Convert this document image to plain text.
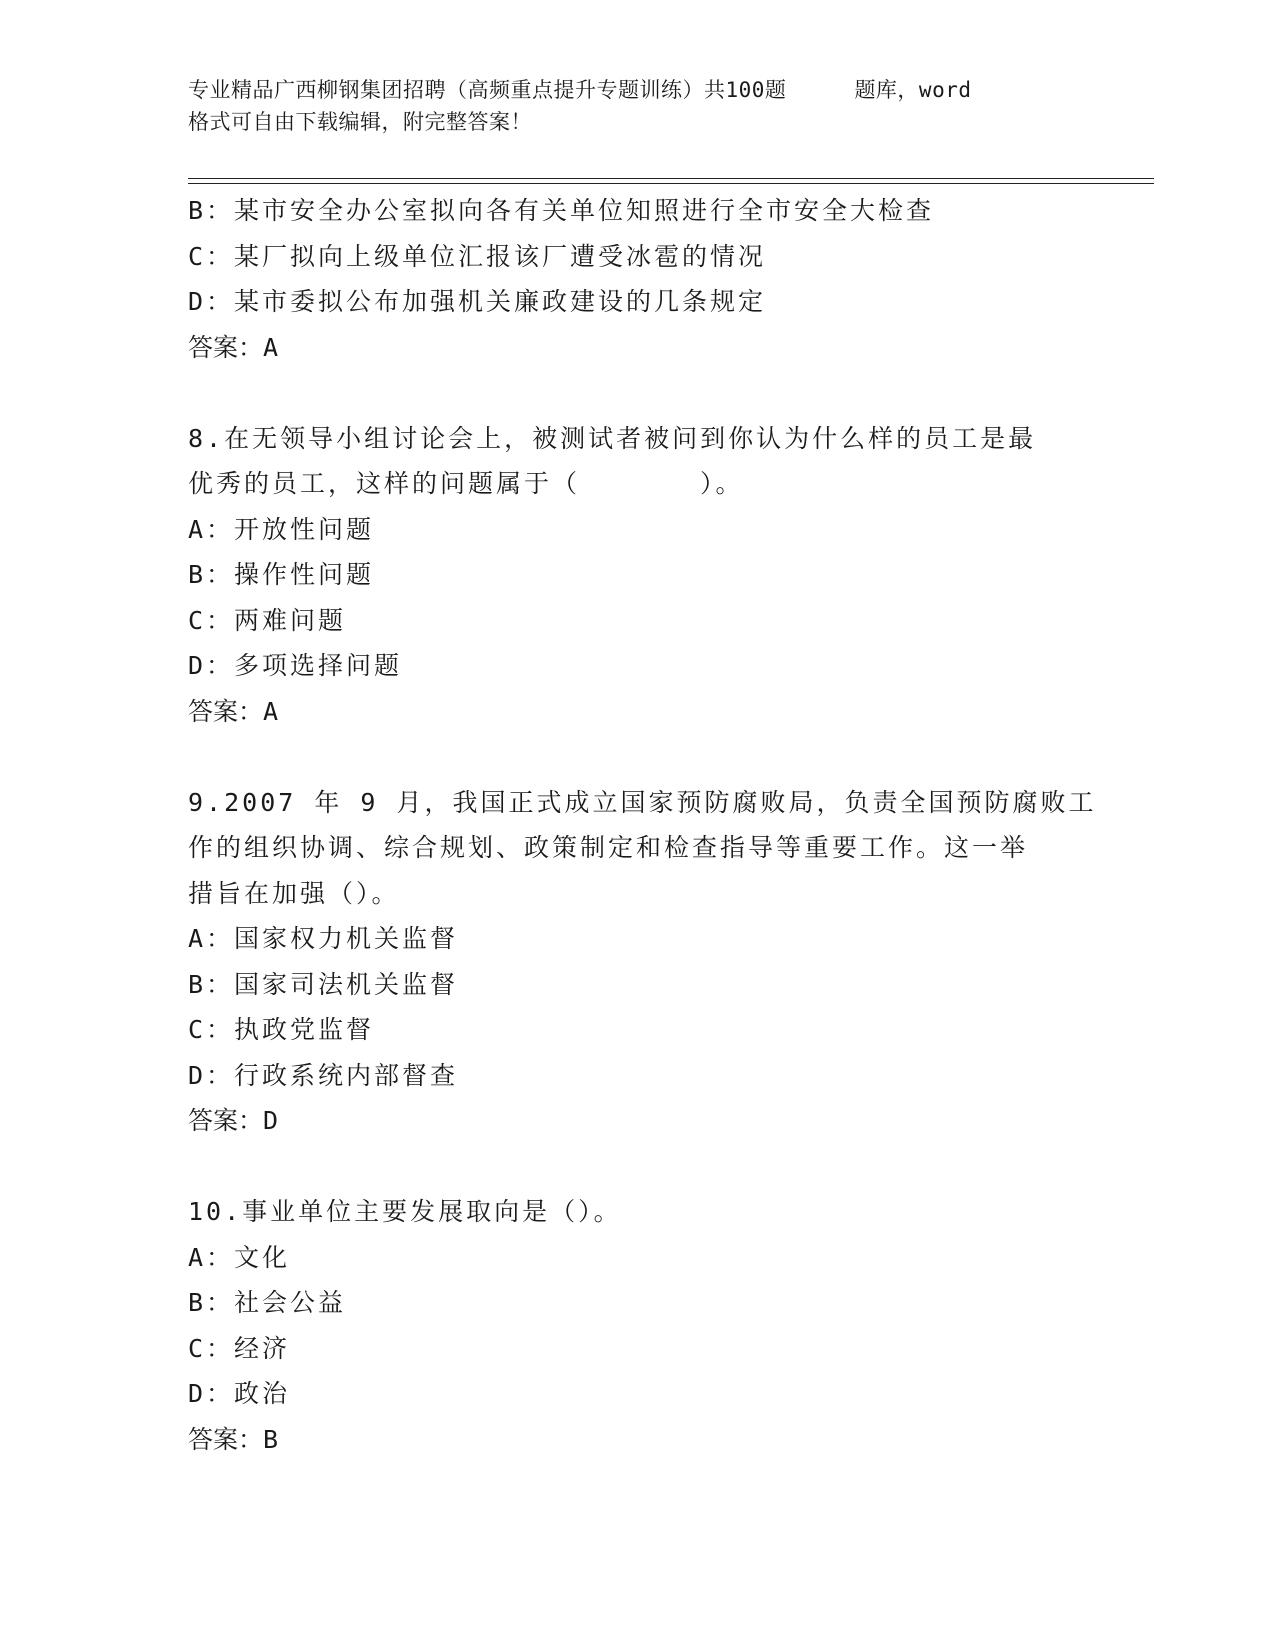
专业精品广西柳钢集团招聘（高频重点提升专题训练）共100题	题库，word
格式可自由下载编辑，附完整答案！
B：某市安全办公室拟向各有关单位知照进行全市安全大检查
C：某厂拟向上级单位汇报该厂遭受冰雹的情况
D：某市委拟公布加强机关廉政建设的几条规定
答案：A
8.在无领导小组讨论会上，被测试者被问到你认为什么样的员工是最
优秀的员工，这样的问题属于（	）。
A：开放性问题
B：操作性问题
C：两难问题
D：多项选择问题
答案：A
9.2007 年 9 月，我国正式成立国家预防腐败局，负责全国预防腐败工
作的组织协调、综合规划、政策制定和检查指导等重要工作。这一举
措旨在加强（）。
A：国家权力机关监督
B：国家司法机关监督
C：执政党监督
D：行政系统内部督查
答案：D
10.事业单位主要发展取向是（）。
A：文化
B：社会公益
C：经济
D：政治
答案：B
